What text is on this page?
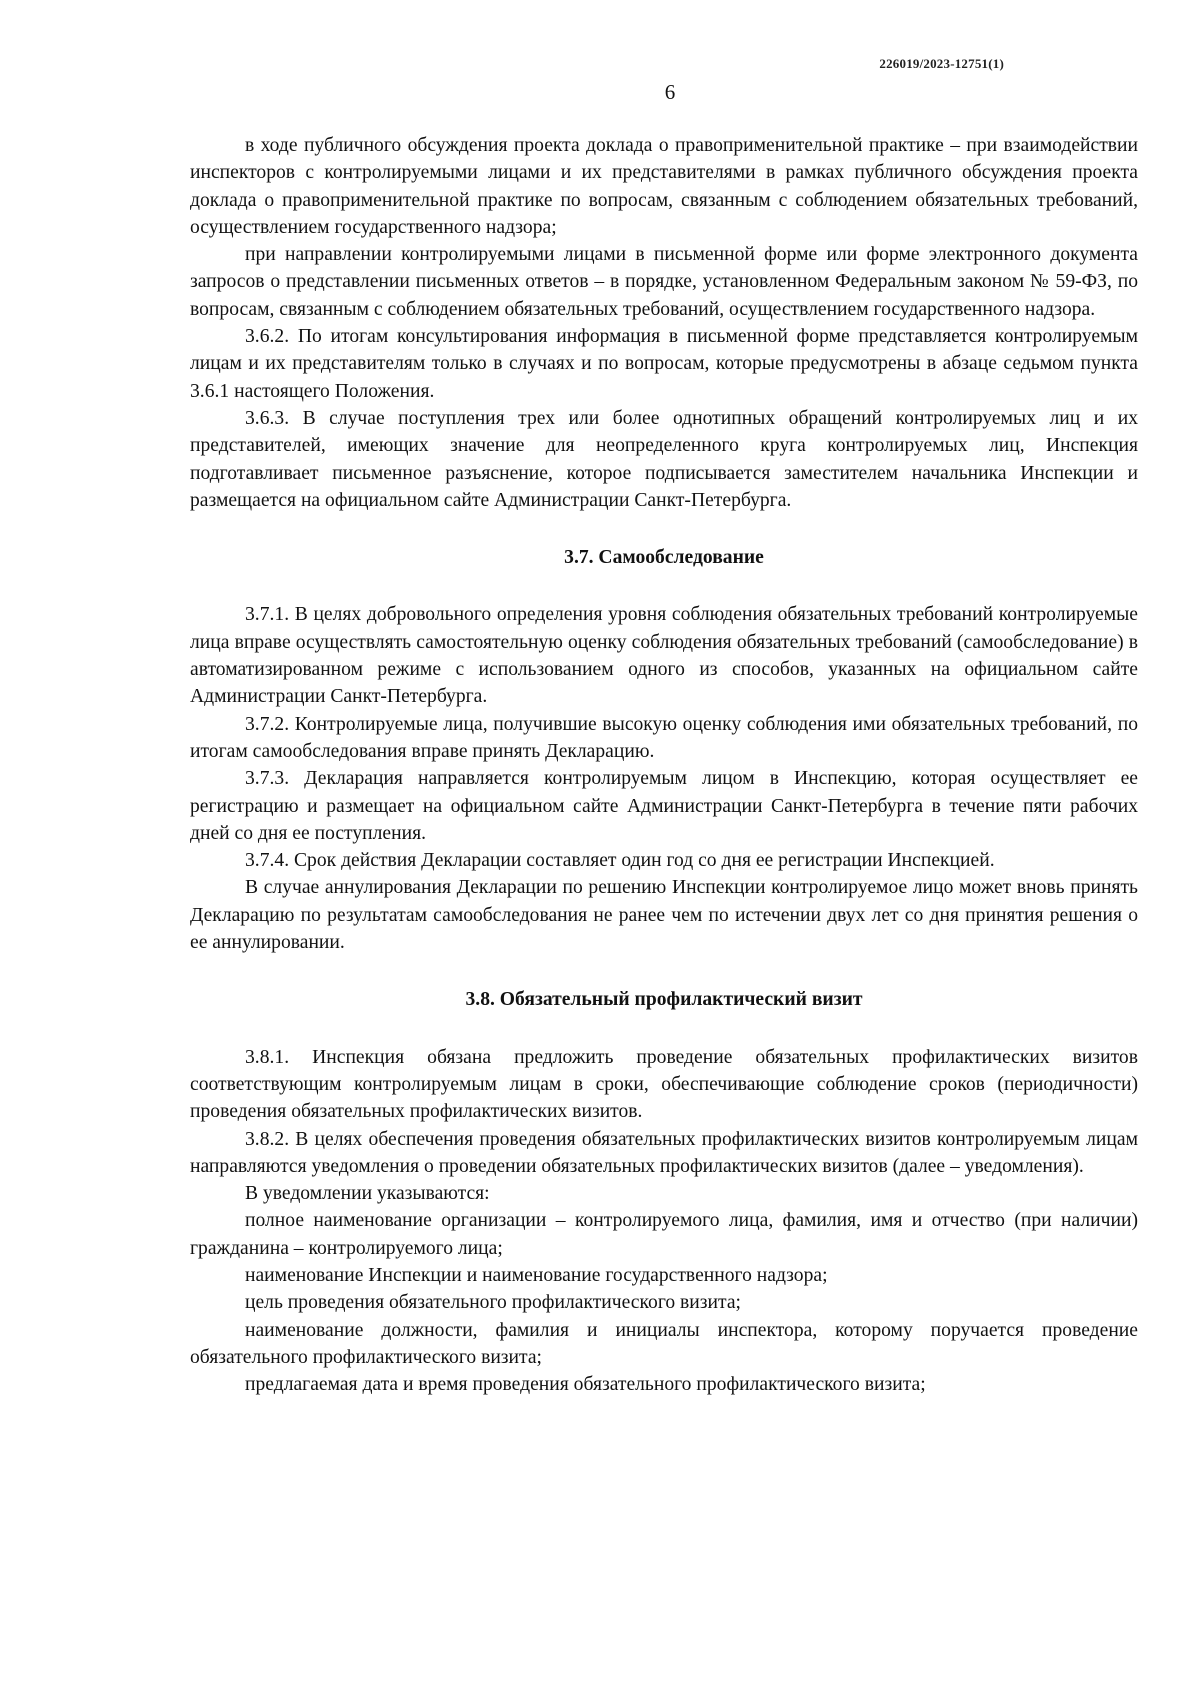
226019/2023-12751(1)
6

в ходе публичного обсуждения проекта доклада о правоприменительной практике – при взаимодействии инспекторов с контролируемыми лицами и их представителями в рамках публичного обсуждения проекта доклада о правоприменительной практике по вопросам, связанным с соблюдением обязательных требований, осуществлением государственного надзора;

при направлении контролируемыми лицами в письменной форме или форме электронного документа запросов о представлении письменных ответов – в порядке, установленном Федеральным законом № 59-ФЗ, по вопросам, связанным с соблюдением обязательных требований, осуществлением государственного надзора.

3.6.2. По итогам консультирования информация в письменной форме представляется контролируемым лицам и их представителям только в случаях и по вопросам, которые предусмотрены в абзаце седьмом пункта 3.6.1 настоящего Положения.

3.6.3. В случае поступления трех или более однотипных обращений контролируемых лиц и их представителей, имеющих значение для неопределенного круга контролируемых лиц, Инспекция подготавливает письменное разъяснение, которое подписывается заместителем начальника Инспекции и размещается на официальном сайте Администрации Санкт-Петербурга.

3.7. Самообследование

3.7.1. В целях добровольного определения уровня соблюдения обязательных требований контролируемые лица вправе осуществлять самостоятельную оценку соблюдения обязательных требований (самообследование) в автоматизированном режиме с использованием одного из способов, указанных на официальном сайте Администрации Санкт-Петербурга.

3.7.2. Контролируемые лица, получившие высокую оценку соблюдения ими обязательных требований, по итогам самообследования вправе принять Декларацию.

3.7.3. Декларация направляется контролируемым лицом в Инспекцию, которая осуществляет ее регистрацию и размещает на официальном сайте Администрации Санкт-Петербурга в течение пяти рабочих дней со дня ее поступления.

3.7.4. Срок действия Декларации составляет один год со дня ее регистрации Инспекцией.

В случае аннулирования Декларации по решению Инспекции контролируемое лицо может вновь принять Декларацию по результатам самообследования не ранее чем по истечении двух лет со дня принятия решения о ее аннулировании.

3.8. Обязательный профилактический визит

3.8.1. Инспекция обязана предложить проведение обязательных профилактических визитов соответствующим контролируемым лицам в сроки, обеспечивающие соблюдение сроков (периодичности) проведения обязательных профилактических визитов.

3.8.2. В целях обеспечения проведения обязательных профилактических визитов контролируемым лицам направляются уведомления о проведении обязательных профилактических визитов (далее – уведомления).

В уведомлении указываются:

полное наименование организации – контролируемого лица, фамилия, имя и отчество (при наличии) гражданина – контролируемого лица;

наименование Инспекции и наименование государственного надзора;

цель проведения обязательного профилактического визита;

наименование должности, фамилия и инициалы инспектора, которому поручается проведение обязательного профилактического визита;

предлагаемая дата и время проведения обязательного профилактического визита;
